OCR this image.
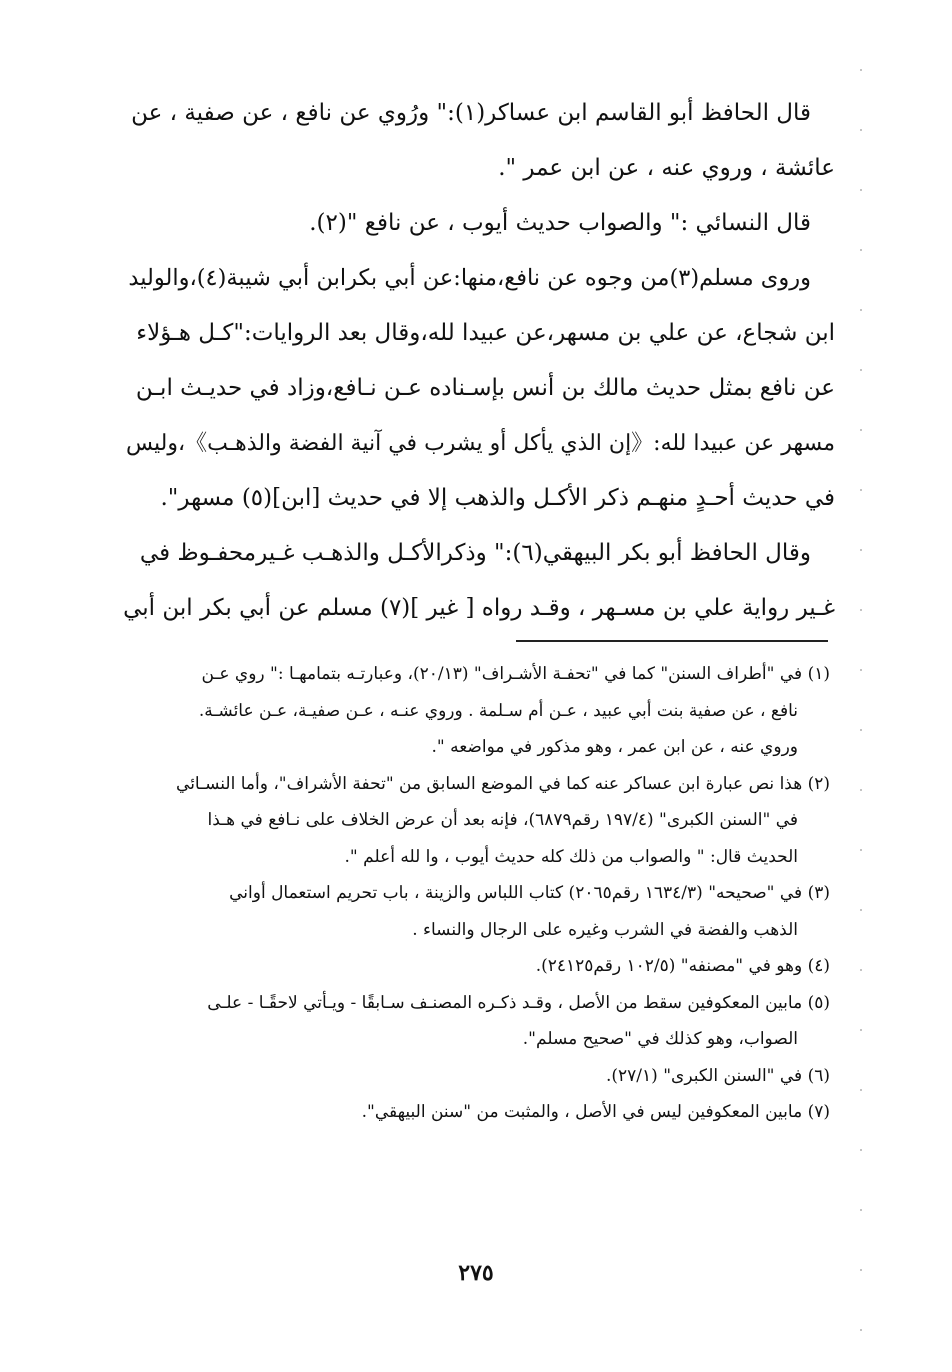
قال الحافظ أبو القاسم ابن عساكر(١):" ورُوي عن نافع ، عن صفية ، عن
عائشة ، وروي عنه ، عن ابن عمر ".
قال النسائي :" والصواب حديث أيوب ، عن نافع "(٢).
وروى مسلم(٣)من وجوه عن نافع،منها:عن أبي بكرابن أبي شيبة(٤)،والوليد
ابن شجاع، عن علي بن مسهر،عن عبيدا لله،وقال بعد الروايات:"كـل هـؤلاء
عن نافع بمثل حديث مالك بن أنس بإسـناده عـن نـافع،وزاد في حديـث ابـن
مسهر عن عبيدا لله:《إن الذي يأكل أو يشرب في آنية الفضة والذهـب》،وليس
في حديث أحـدٍ منهـم ذكر الأكـل والذهب إلا في حديث [ابن](٥) مسهر".
وقال الحافظ أبو بكر البيهقي(٦):" وذكرالأكـل والذهـب غـيرمحفـوظ في
غـير رواية علي بن مسـهر ، وقـد رواه [ غير ](٧) مسلم عن أبي بكر ابن أبي
(١) في "أطراف السنن" كما في "تحفـة الأشـراف" (٢٠/١٣)، وعبارتـه بتمامهـا :" روي عـن
نافع ، عن صفية بنت أبي عبيد ، عـن أم سـلمة . وروي عنـه ، عـن صفيـة، عـن عائشـة.
وروي عنه ، عن ابن عمر ، وهو مذكور في مواضعه ".
(٢) هذا نص عبارة ابن عساكر عنه كما في الموضع السابق من "تحفة الأشراف"، وأما النسـائي
في "السنن الكبرى" (١٩٧/٤ رقم٦٨٧٩)، فإنه بعد أن عرض الخلاف على نـافع في هـذا
الحديث قال: " والصواب من ذلك كله حديث أيوب ، وا لله أعلم ".
(٣) في "صحيحه" (١٦٣٤/٣ رقم٢٠٦٥) كتاب اللباس والزينة ، باب تحريم استعمال أواني
الذهب والفضة في الشرب وغيره على الرجال والنساء .
(٤) وهو في "مصنفه" (١٠٢/٥ رقم٢٤١٢٥).
(٥) مابين المعكوفين سقط من الأصل ، وقـد ذكـره المصنـف سـابقًا - ويـأتي لاحقًـا - علـى
الصواب، وهو كذلك في "صحيح مسلم".
(٦) في "السنن الكبرى" (٢٧/١).
(٧) مابين المعكوفين ليس في الأصل ، والمثبت من "سنن البيهقي".
٢٧٥
